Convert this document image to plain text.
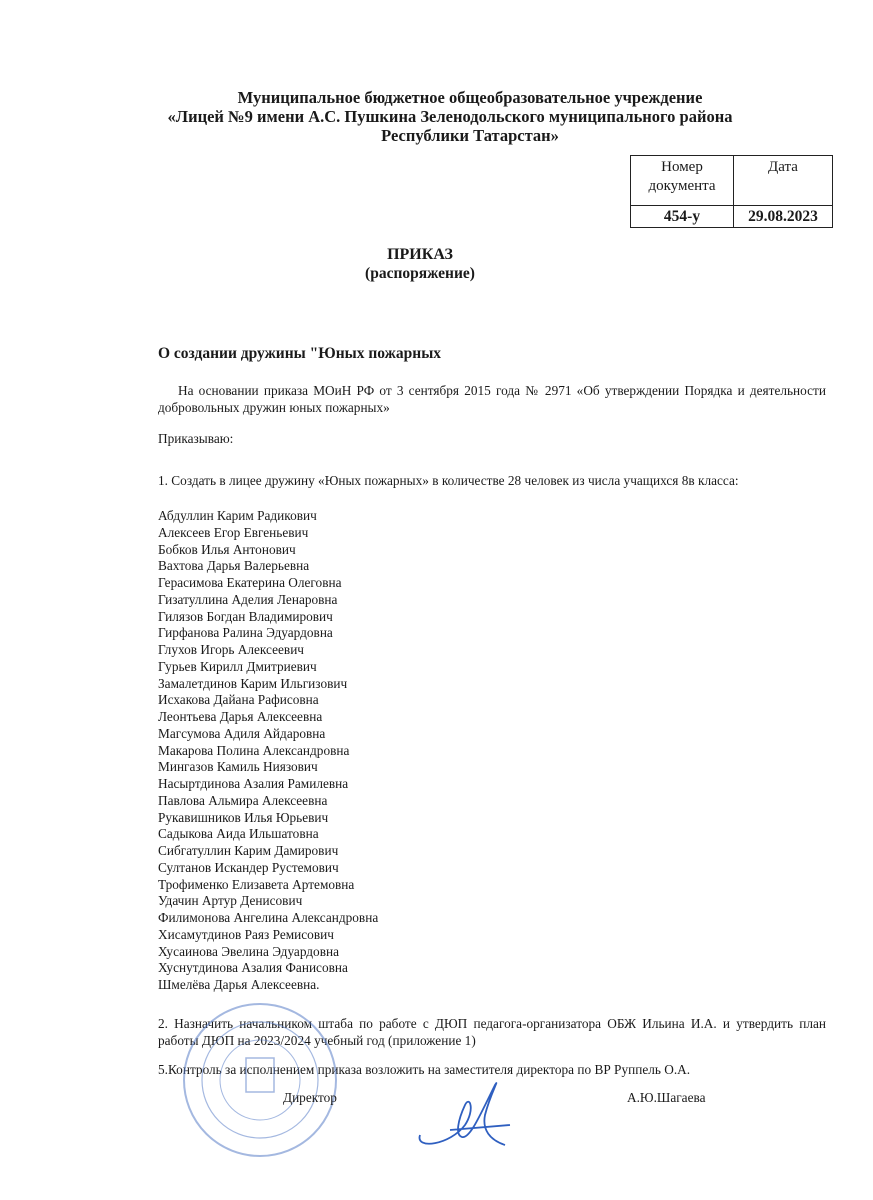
Муниципальное бюджетное общеобразовательное учреждение
«Лицей №9 имени А.С. Пушкина Зеленодольского муниципального района
Республики Татарстан»
Номер документа	Дата
454-у	29.08.2023
ПРИКАЗ
(распоряжение)
О создании дружины "Юных пожарных
На основании приказа МОиН РФ от 3 сентября 2015 года № 2971 «Об утверждении Порядка и деятельности добровольных дружин юных пожарных»
Приказываю:
1. Создать в лицее дружину «Юных пожарных» в количестве 28 человек из числа учащихся 8в класса:
Абдуллин Карим Радикович
Алексеев Егор Евгеньевич
Бобков Илья Антонович
Вахтова Дарья Валерьевна
Герасимова Екатерина Олеговна
Гизатуллина Аделия Ленаровна
Гилязов Богдан Владимирович
Гирфанова Ралина Эдуардовна
Глухов Игорь Алексеевич
Гурьев Кирилл Дмитриевич
Замалетдинов Карим Ильгизович
Исхакова Дайана Рафисовна
Леонтьева Дарья Алексеевна
Магсумова Адиля Айдаровна
Макарова Полина Александровна
Мингазов Камиль Ниязович
Насыртдинова Азалия Рамилевна
Павлова Альмира Алексеевна
Рукавишников Илья Юрьевич
Садыкова Аида Ильшатовна
Сибгатуллин Карим Дамирович
Султанов Искандер Рустемович
Трофименко Елизавета Артемовна
Удачин Артур Денисович
Филимонова Ангелина Александровна
Хисамутдинов Раяз Ремисович
Хусаинова Эвелина Эдуардовна
Хуснутдинова Азалия Фанисовна
Шмелёва Дарья Алексеевна.
2. Назначить начальником штаба по работе с ДЮП педагога-организатора ОБЖ Ильина И.А. и утвердить план работы ДЮП на 2023/2024 учебный год (приложение 1)
5.Контроль за исполнением приказа возложить на заместителя директора по ВР Руппель О.А.
Директор	А.Ю.Шагаева
